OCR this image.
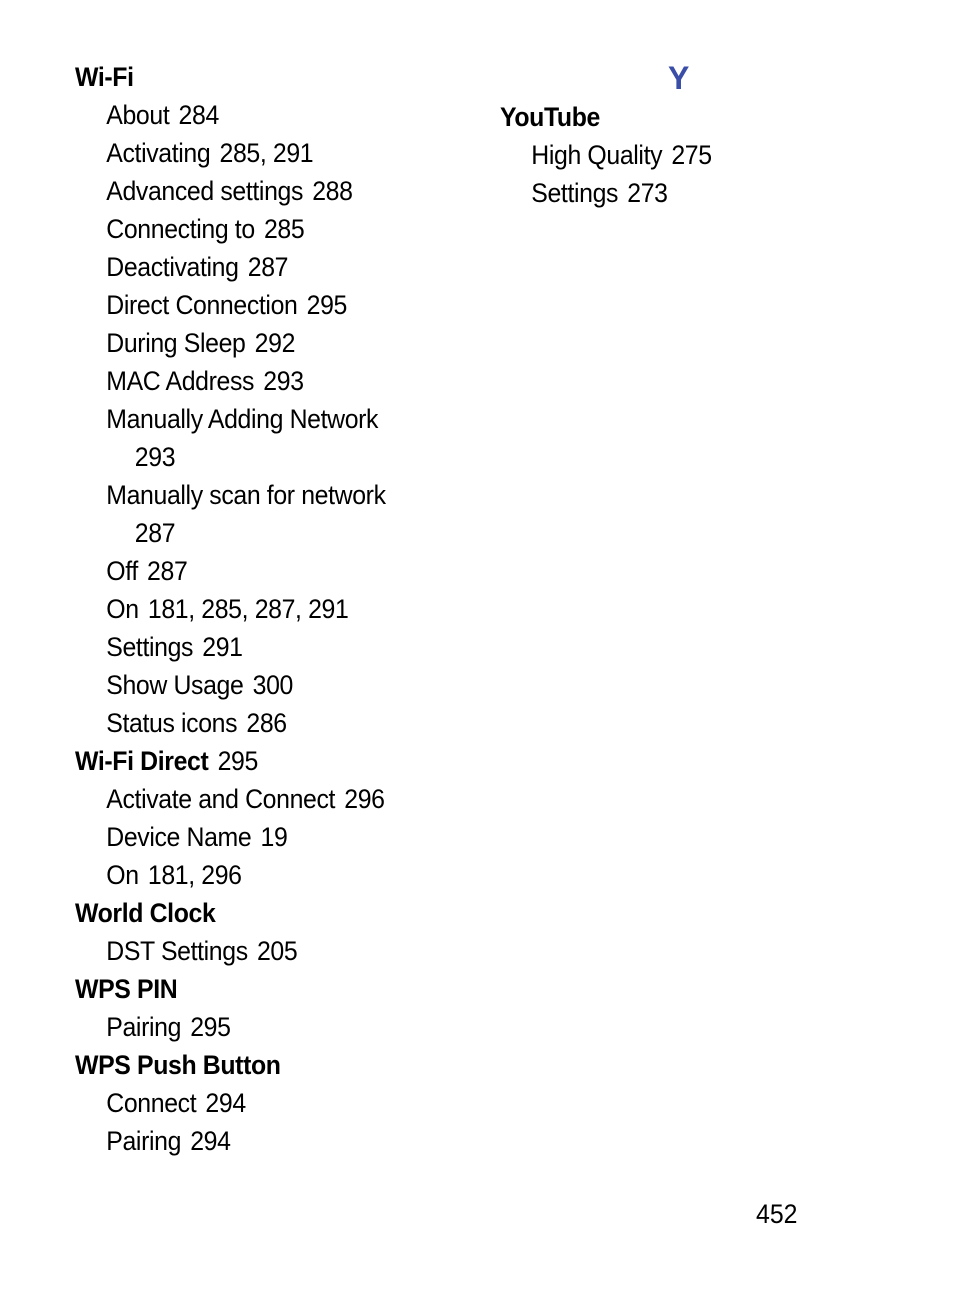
Wi-Fi
About 284
Activating 285, 291
Advanced settings 288
Connecting to 285
Deactivating 287
Direct Connection 295
During Sleep 292
MAC Address 293
Manually Adding Network
293
Manually scan for network
287
Off 287
On 181, 285, 287, 291
Settings 291
Show Usage 300
Status icons 286
Wi-Fi Direct 295
Activate and Connect 296
Device Name 19
On 181, 296
World Clock
DST Settings 205
WPS PIN
Pairing 295
WPS Push Button
Connect 294
Pairing 294
Y
YouTube
High Quality 275
Settings 273
452
